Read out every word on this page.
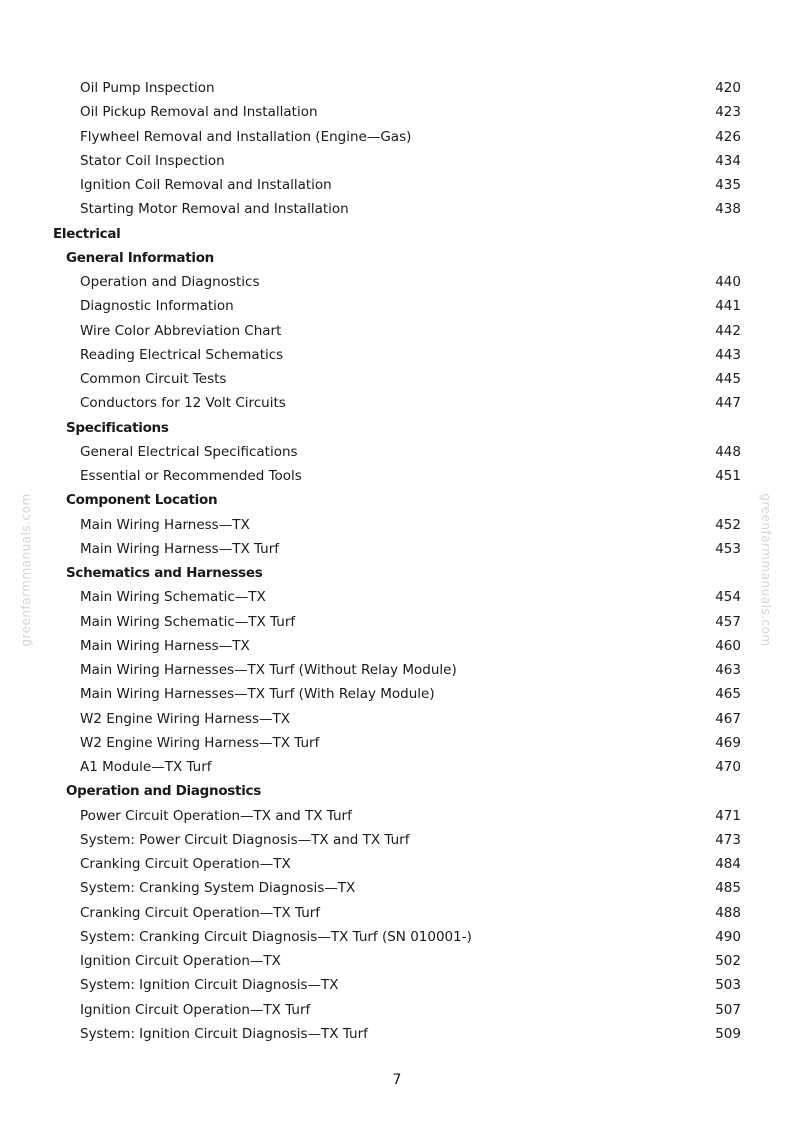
Oil Pump Inspection	420
Oil Pickup Removal and Installation	423
Flywheel Removal and Installation (Engine—Gas)	426
Stator Coil Inspection	434
Ignition Coil Removal and Installation	435
Starting Motor Removal and Installation	438
Electrical
General Information
Operation and Diagnostics	440
Diagnostic Information	441
Wire Color Abbreviation Chart	442
Reading Electrical Schematics	443
Common Circuit Tests	445
Conductors for 12 Volt Circuits	447
Specifications
General Electrical Specifications	448
Essential or Recommended Tools	451
Component Location
Main Wiring Harness—TX	452
Main Wiring Harness—TX Turf	453
Schematics and Harnesses
Main Wiring Schematic—TX	454
Main Wiring Schematic—TX Turf	457
Main Wiring Harness—TX	460
Main Wiring Harnesses—TX Turf (Without Relay Module)	463
Main Wiring Harnesses—TX Turf (With Relay Module)	465
W2 Engine Wiring Harness—TX	467
W2 Engine Wiring Harness—TX Turf	469
A1 Module—TX Turf	470
Operation and Diagnostics
Power Circuit Operation—TX and TX Turf	471
System: Power Circuit Diagnosis—TX and TX Turf	473
Cranking Circuit Operation—TX	484
System: Cranking System Diagnosis—TX	485
Cranking Circuit Operation—TX Turf	488
System: Cranking Circuit Diagnosis—TX Turf (SN 010001-)	490
Ignition Circuit Operation—TX	502
System: Ignition Circuit Diagnosis—TX	503
Ignition Circuit Operation—TX Turf	507
System: Ignition Circuit Diagnosis—TX Turf	509
greenfarmmanuals.com	greenfarmmanuals.com
7
